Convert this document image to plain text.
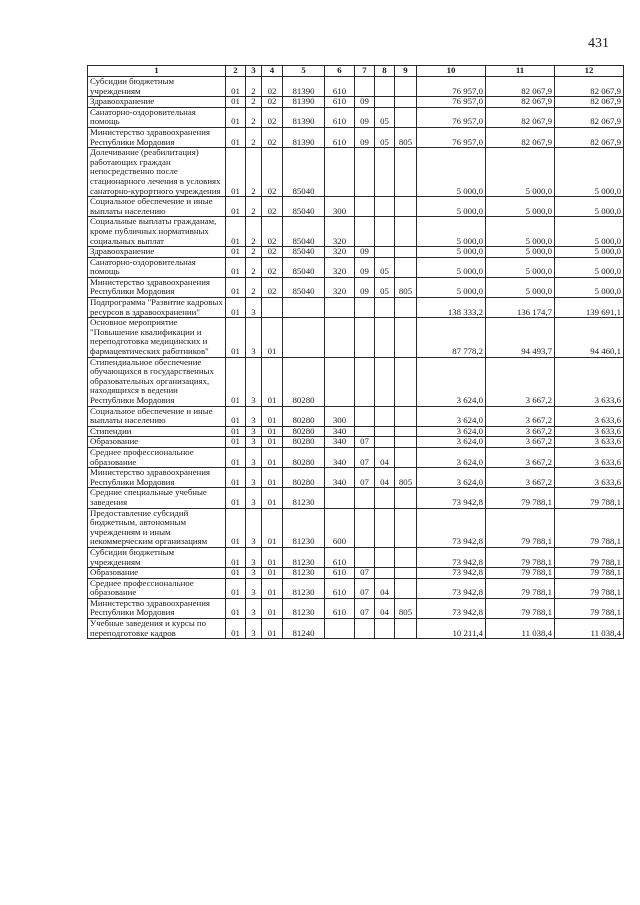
431
1	2	3	4	5	6	7	8	9	10	11	12
Субсидии бюджетным учреждениям	01	2	02	81390	610				76 957,0	82 067,9	82 067,9
Здравоохранение	01	2	02	81390	610	09			76 957,0	82 067,9	82 067,9
Санаторно-оздоровительная помощь	01	2	02	81390	610	09	05		76 957,0	82 067,9	82 067,9
Министерство здравоохранения Республики Мордовия	01	2	02	81390	610	09	05	805	76 957,0	82 067,9	82 067,9
Долечивание (реабилитация) работающих граждан непосредственно после стационарного лечения в условиях санаторно-курортного учреждения	01	2	02	85040					5 000,0	5 000,0	5 000,0
Социальное обеспечение и иные выплаты населению	01	2	02	85040	300				5 000,0	5 000,0	5 000,0
Социальные выплаты гражданам, кроме публичных нормативных социальных выплат	01	2	02	85040	320				5 000,0	5 000,0	5 000,0
Здравоохранение	01	2	02	85040	320	09			5 000,0	5 000,0	5 000,0
Санаторно-оздоровительная помощь	01	2	02	85040	320	09	05		5 000,0	5 000,0	5 000,0
Министерство здравоохранения Республики Мордовия	01	2	02	85040	320	09	05	805	5 000,0	5 000,0	5 000,0
Подпрограмма "Развитие кадровых ресурсов в здравоохранении"	01	3							138 333,2	136 174,7	139 691,1
Основное мероприятие "Повышение квалификации и переподготовка медицинских и фармацевтических работников"	01	3	01						87 778,2	94 493,7	94 460,1
Стипендиальное обеспечение обучающихся в государственных образовательных организациях, находящихся в ведении Республики Мордовия	01	3	01	80280					3 624,0	3 667,2	3 633,6
Социальное обеспечение и иные выплаты населению	01	3	01	80280	300				3 624,0	3 667,2	3 633,6
Стипендии	01	3	01	80280	340				3 624,0	3 667,2	3 633,6
Образование	01	3	01	80280	340	07			3 624,0	3 667,2	3 633,6
Среднее профессиональное образование	01	3	01	80280	340	07	04		3 624,0	3 667,2	3 633,6
Министерство здравоохранения Республики Мордовия	01	3	01	80280	340	07	04	805	3 624,0	3 667,2	3 633,6
Средние специальные учебные заведения	01	3	01	81230					73 942,8	79 788,1	79 788,1
Предоставление субсидий бюджетным, автономным учреждениям и иным некоммерческим организациям	01	3	01	81230	600				73 942,8	79 788,1	79 788,1
Субсидии бюджетным учреждениям	01	3	01	81230	610				73 942,8	79 788,1	79 788,1
Образование	01	3	01	81230	610	07			73 942,8	79 788,1	79 788,1
Среднее профессиональное образование	01	3	01	81230	610	07	04		73 942,8	79 788,1	79 788,1
Министерство здравоохранения Республики Мордовия	01	3	01	81230	610	07	04	805	73 942,8	79 788,1	79 788,1
Учебные заведения и курсы по переподготовке кадров	01	3	01	81240					10 211,4	11 038,4	11 038,4
